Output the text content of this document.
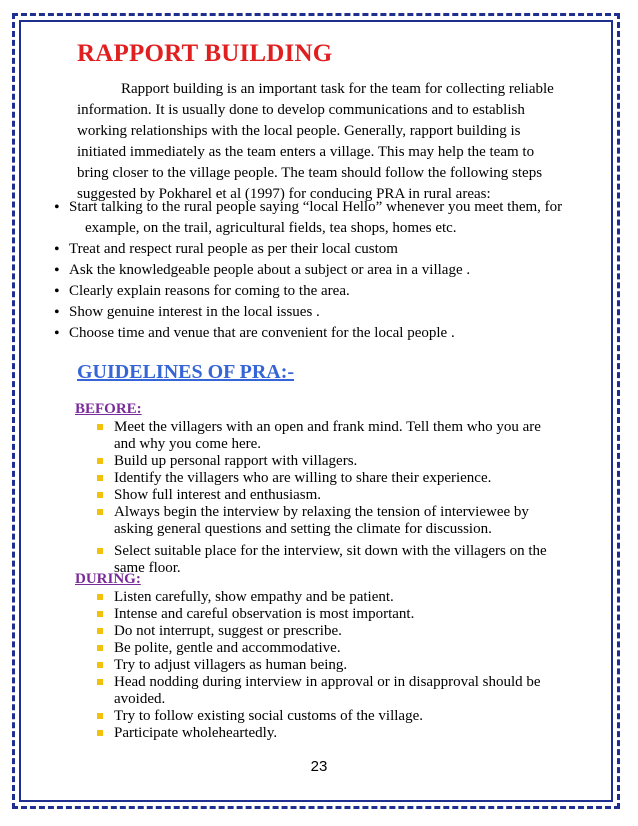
RAPPORT BUILDING

Rapport building is an important task for the team for collecting reliable information. It is usually done to develop communications and to establish working relationships with the local people. Generally, rapport building is initiated immediately as the team enters a village. This may help the team to bring closer to the village people. The team should follow the following steps suggested by Pokharel et al (1997) for conducing PRA in rural areas:

• Start talking to the rural people saying “local Hello” whenever you meet them, for
example, on the trail, agricultural fields, tea shops, homes etc.
• Treat and respect rural people as per their local custom
• Ask the knowledgeable people about a subject or area in a village .
• Clearly explain reasons for coming to the area.
• Show genuine interest in the local issues .
• Choose time and venue that are convenient for the local people .
GUIDELINES OF PRA:-
BEFORE:
Meet the villagers with an open and frank mind. Tell them who you are and why you come here.
Build up personal rapport with villagers.
Identify the villagers who are willing to share their experience.
Show full interest and enthusiasm.
Always begin the interview by relaxing the tension of interviewee by asking general questions and setting the climate for discussion.
Select suitable place for the interview, sit down with the villagers on the same floor.
DURING:
Listen carefully, show empathy and be patient.
Intense and careful observation is most important.
Do not interrupt, suggest or prescribe.
Be polite, gentle and accommodative.
Try to adjust villagers as human being.
Head nodding during interview in approval or in disapproval should be avoided.
Try to follow existing social customs of the village.
Participate wholeheartedly.
23
